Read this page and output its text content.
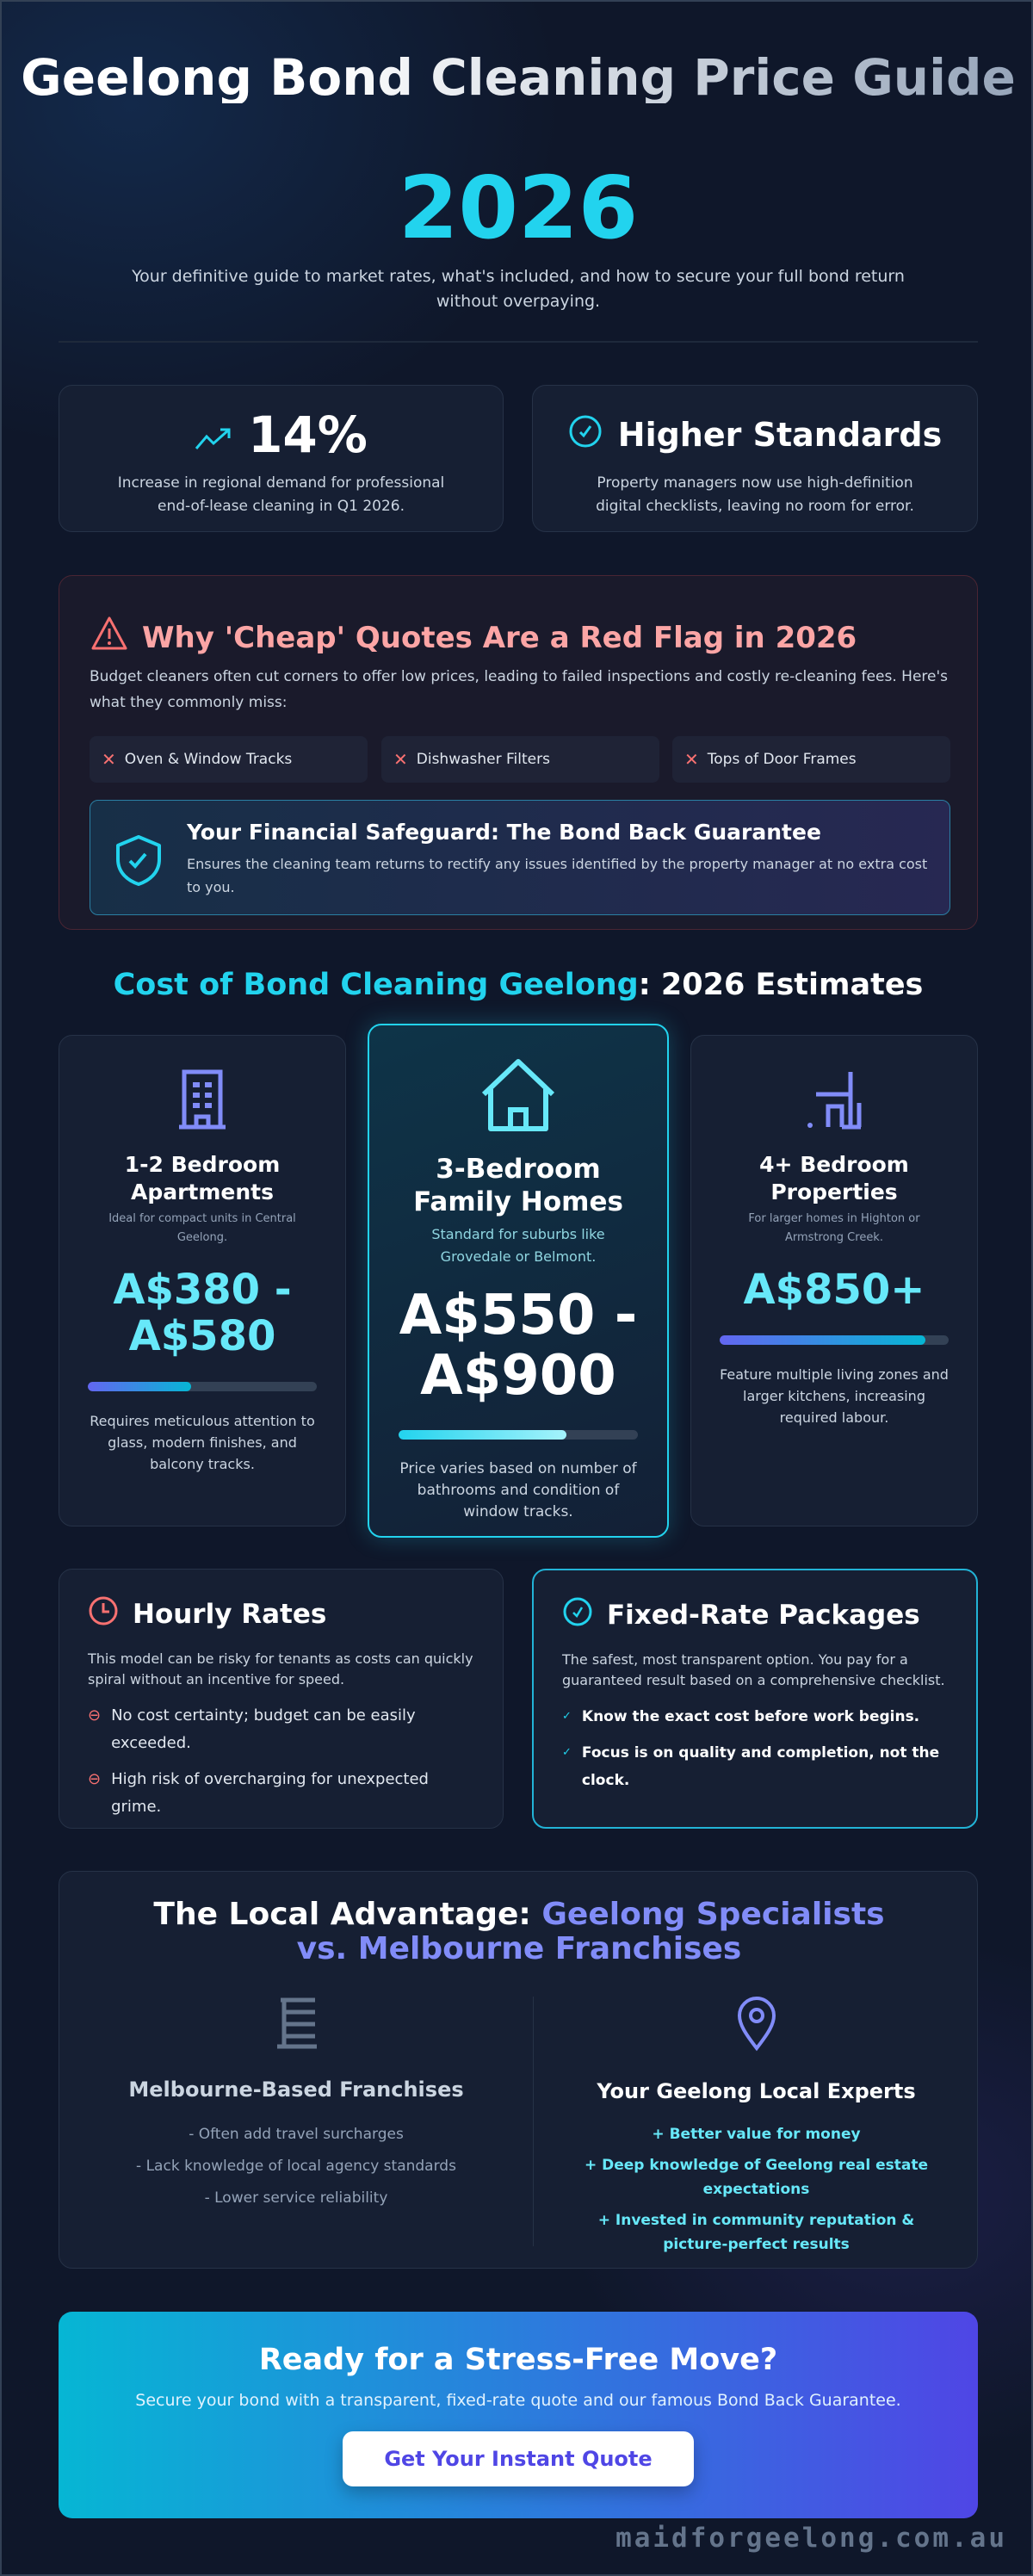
Geelong Bond Cleaning Price Guide
2026
Your definitive guide to market rates, what's included, and how to secure your full bond return without overpaying.
14%
Increase in regional demand for professional end-of-lease cleaning in Q1 2026.
Higher Standards
Property managers now use high-definition digital checklists, leaving no room for error.
Why 'Cheap' Quotes Are a Red Flag in 2026

Budget cleaners often cut corners to offer low prices, leading to failed inspections and costly re-cleaning fees. Here's what they commonly miss:

✕ Oven & Window Tracks	✕ Dishwasher Filters	✕ Tops of Door Frames
Your Financial Safeguard: The Bond Back Guarantee
Ensures the cleaning team returns to rectify any issues identified by the property manager at no extra cost to you.
Cost of Bond Cleaning Geelong: 2026 Estimates
1-2 Bedroom Apartments
Ideal for compact units in Central Geelong.
A$380 - A$580
Requires meticulous attention to glass, modern finishes, and balcony tracks.
3-Bedroom Family Homes
Standard for suburbs like Grovedale or Belmont.
A$550 - A$900
Price varies based on number of bathrooms and condition of window tracks.
4+ Bedroom Properties
For larger homes in Highton or Armstrong Creek.
A$850+
Feature multiple living zones and larger kitchens, increasing required labour.
Hourly Rates

This model can be risky for tenants as costs can quickly spiral without an incentive for speed.

⊖ No cost certainty; budget can be easily exceeded.
⊖ High risk of overcharging for unexpected grime.
Fixed-Rate Packages

The safest, most transparent option. You pay for a guaranteed result based on a comprehensive checklist.

✓ Know the exact cost before work begins.
✓ Focus is on quality and completion, not the clock.
The Local Advantage: Geelong Specialists vs. Melbourne Franchises
Melbourne-Based Franchises
- Often add travel surcharges
- Lack knowledge of local agency standards
- Lower service reliability
Your Geelong Local Experts
+ Better value for money
+ Deep knowledge of Geelong real estate expectations
+ Invested in community reputation & picture-perfect results
Ready for a Stress-Free Move?
Secure your bond with a transparent, fixed-rate quote and our famous Bond Back Guarantee.
Get Your Instant Quote
maidforgeelong.com.au
